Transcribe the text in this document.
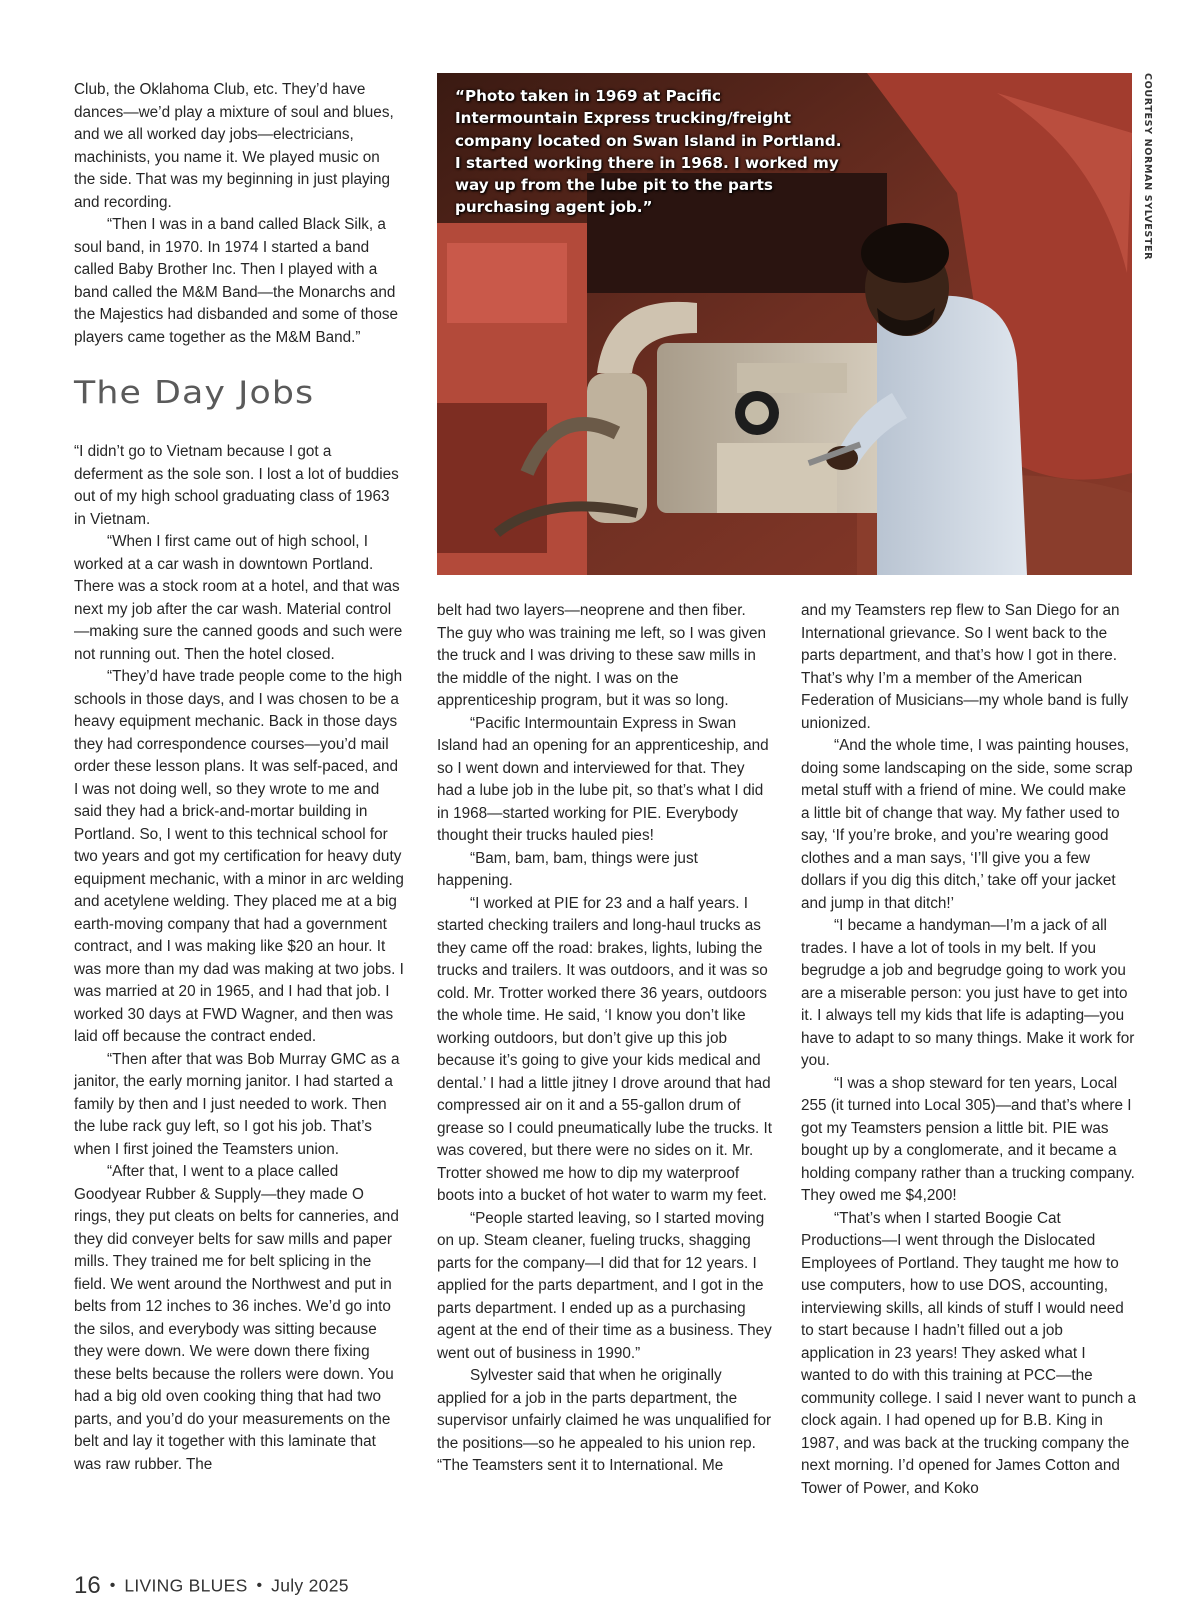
Club, the Oklahoma Club, etc. They’d have dances—we’d play a mixture of soul and blues, and we all worked day jobs—electricians, machinists, you name it. We played music on the side. That was my beginning in just playing and recording.

“Then I was in a band called Black Silk, a soul band, in 1970. In 1974 I started a band called Baby Brother Inc. Then I played with a band called the M&M Band—the Monarchs and the Majestics had disbanded and some of those players came together as the M&M Band.”

The Day Jobs

“I didn’t go to Vietnam because I got a deferment as the sole son. I lost a lot of buddies out of my high school graduating class of 1963 in Vietnam.

“When I first came out of high school, I worked at a car wash in downtown Portland. There was a stock room at a hotel, and that was next my job after the car wash. Material control—making sure the canned goods and such were not running out. Then the hotel closed.

“They’d have trade people come to the high schools in those days, and I was chosen to be a heavy equipment mechanic. Back in those days they had correspondence courses—you’d mail order these lesson plans. It was self-paced, and I was not doing well, so they wrote to me and said they had a brick-and-mortar building in Portland. So, I went to this technical school for two years and got my certification for heavy duty equipment mechanic, with a minor in arc welding and acetylene welding. They placed me at a big earth-moving company that had a government contract, and I was making like $20 an hour. It was more than my dad was making at two jobs. I was married at 20 in 1965, and I had that job. I worked 30 days at FWD Wagner, and then was laid off because the contract ended.

“Then after that was Bob Murray GMC as a janitor, the early morning janitor. I had started a family by then and I just needed to work. Then the lube rack guy left, so I got his job. That’s when I first joined the Teamsters union.

“After that, I went to a place called Goodyear Rubber & Supply—they made O rings, they put cleats on belts for canneries, and they did conveyer belts for saw mills and paper mills. They trained me for belt splicing in the field. We went around the Northwest and put in belts from 12 inches to 36 inches. We’d go into the silos, and everybody was sitting because they were down. We were down there fixing these belts because the rollers were down. You had a big old oven cooking thing that had two parts, and you’d do your measurements on the belt and lay it together with this laminate that was raw rubber. The

“Photo taken in 1969 at Pacific Intermountain Express trucking/freight company located on Swan Island in Portland. I started working there in 1968. I worked my way up from the lube pit to the parts purchasing agent job.”	COURTESY NORMAN SYLVESTER

belt had two layers—neoprene and then fiber. The guy who was training me left, so I was given the truck and I was driving to these saw mills in the middle of the night. I was on the apprenticeship program, but it was so long.

“Pacific Intermountain Express in Swan Island had an opening for an apprenticeship, and so I went down and interviewed for that. They had a lube job in the lube pit, so that’s what I did in 1968—started working for PIE. Everybody thought their trucks hauled pies!

“Bam, bam, bam, things were just happening.

“I worked at PIE for 23 and a half years. I started checking trailers and long-haul trucks as they came off the road: brakes, lights, lubing the trucks and trailers. It was outdoors, and it was so cold. Mr. Trotter worked there 36 years, outdoors the whole time. He said, ‘I know you don’t like working outdoors, but don’t give up this job because it’s going to give your kids medical and dental.’ I had a little jitney I drove around that had compressed air on it and a 55-gallon drum of grease so I could pneumatically lube the trucks. It was covered, but there were no sides on it. Mr. Trotter showed me how to dip my waterproof boots into a bucket of hot water to warm my feet.

“People started leaving, so I started moving on up. Steam cleaner, fueling trucks, shagging parts for the company—I did that for 12 years. I applied for the parts department, and I got in the parts department. I ended up as a purchasing agent at the end of their time as a business. They went out of business in 1990.”

Sylvester said that when he originally applied for a job in the parts department, the supervisor unfairly claimed he was unqualified for the positions—so he appealed to his union rep. “The Teamsters sent it to International. Me

and my Teamsters rep flew to San Diego for an International grievance. So I went back to the parts department, and that’s how I got in there. That’s why I’m a member of the American Federation of Musicians—my whole band is fully unionized.

“And the whole time, I was painting houses, doing some landscaping on the side, some scrap metal stuff with a friend of mine. We could make a little bit of change that way. My father used to say, ‘If you’re broke, and you’re wearing good clothes and a man says, ‘I’ll give you a few dollars if you dig this ditch,’ take off your jacket and jump in that ditch!’

“I became a handyman—I’m a jack of all trades. I have a lot of tools in my belt. If you begrudge a job and begrudge going to work you are a miserable person: you just have to get into it. I always tell my kids that life is adapting—you have to adapt to so many things. Make it work for you.

“I was a shop steward for ten years, Local 255 (it turned into Local 305)—and that’s where I got my Teamsters pension a little bit. PIE was bought up by a conglomerate, and it became a holding company rather than a trucking company. They owed me $4,200!

“That’s when I started Boogie Cat Productions—I went through the Dislocated Employees of Portland. They taught me how to use computers, how to use DOS, accounting, interviewing skills, all kinds of stuff I would need to start because I hadn’t filled out a job application in 23 years! They asked what I wanted to do with this training at PCC—the community college. I said I never want to punch a clock again. I had opened up for B.B. King in 1987, and was back at the trucking company the next morning. I’d opened for James Cotton and Tower of Power, and Koko

16 • LIVING BLUES • July 2025
